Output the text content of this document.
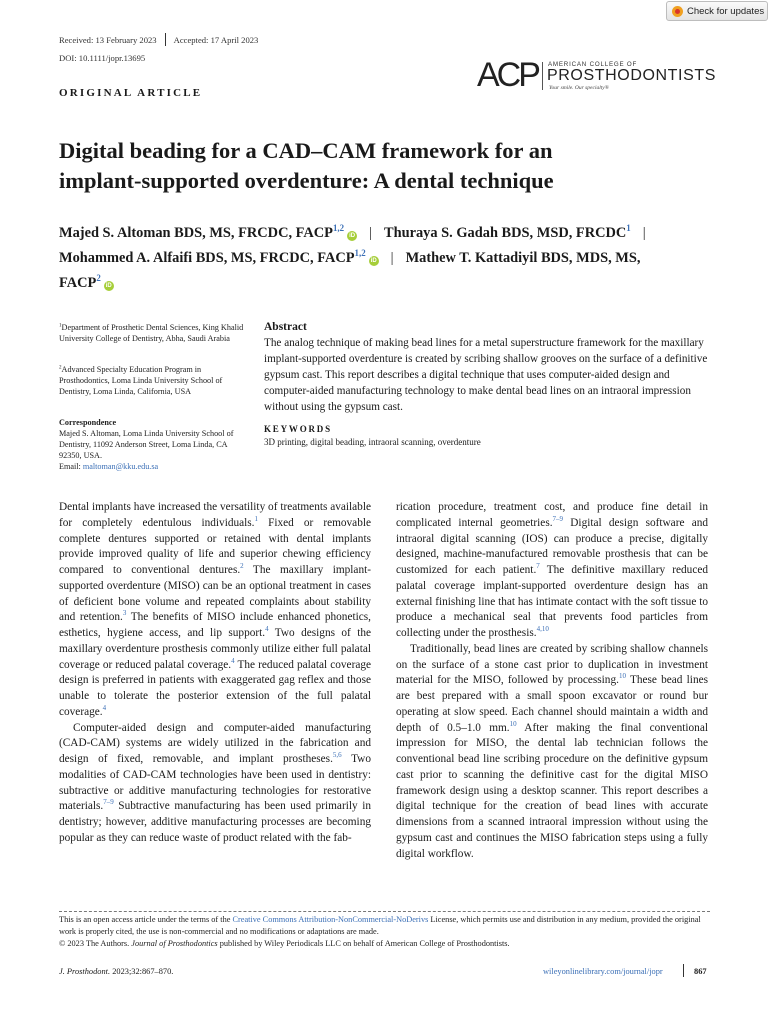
Check for updates
Received: 13 February 2023 Accepted: 17 April 2023
DOI: 10.1111/jopr.13695	ACP AMERICAN COLLEGE OF
PROSTHODONTISTS
Your smile. Our specialty®
ORIGINAL ARTICLE
Digital beading for a CAD–CAM framework for an
implant-supported overdenture: A dental technique
Majed S. Altoman BDS, MS, FRCDC, FACP$^{1,2}$iD | Thuraya S. Gadah BDS, MSD, FRCDC$^1$ |
Mohammed A. Alfaifi BDS, MS, FRCDC, FACP$^{1,2}$iD | Mathew T. Kattadiyil BDS, MDS, MS,
FACP$^2$iD
$^1$Department of Prosthetic Dental Sciences, King Khalid University College of Dentistry, Abha, Saudi Arabia
$^2$Advanced Specialty Education Program in Prosthodontics, Loma Linda University School of Dentistry, Loma Linda, California, USA
Correspondence
Majed S. Altoman, Loma Linda University School of Dentistry, 11092 Anderson Street, Loma Linda, CA 92350, USA.
Email: maltoman@kku.edu.sa
Abstract
The analog technique of making bead lines for a metal superstructure framework for the maxillary implant-supported overdenture is created by scribing shallow grooves on the surface of a definitive gypsum cast. This report describes a digital technique that uses computer-aided design and computer-aided manufacturing technology to make dental bead lines on an intraoral impression without using the gypsum cast.
KEYWORDS
3D printing, digital beading, intraoral scanning, overdenture

Dental implants have increased the versatility of treatments available for completely edentulous individuals.$^1$ Fixed or removable complete dentures supported or retained with dental implants provide improved quality of life and superior chewing efficiency compared to conventional dentures.$^2$ The maxillary implant-supported overdenture (MISO) can be an optional treatment in cases of deficient bone volume and repeated complaints about stability and retention.$^3$ The benefits of MISO include enhanced phonetics, esthetics, hygiene access, and lip support.$^4$ Two designs of the maxillary overdenture prosthesis commonly utilize either full palatal coverage or reduced palatal coverage.$^4$ The reduced palatal coverage design is preferred in patients with exaggerated gag reflex and those unable to tolerate the posterior extension of the full palatal coverage.$^4$

Computer-aided design and computer-aided manufacturing (CAD-CAM) systems are widely utilized in the fabrication and design of fixed, removable, and implant prostheses.$^{5,6}$ Two modalities of CAD-CAM technologies have been used in dentistry: subtractive or additive manufacturing technologies for restorative materials.$^{7-9}$ Subtractive manufacturing has been used primarily in dentistry; however, additive manufacturing processes are becoming popular as they can reduce waste of product related with the fab-

rication procedure, treatment cost, and produce fine detail in complicated internal geometries.$^{7-9}$ Digital design software and intraoral digital scanning (IOS) can produce a precise, digitally designed, machine-manufactured removable prosthesis that can be customized for each patient.$^7$ The definitive maxillary reduced palatal coverage implant-supported overdenture design has an external finishing line that has intimate contact with the soft tissue to produce a mechanical seal that prevents food particles from collecting under the prosthesis.$^{4,10}$

Traditionally, bead lines are created by scribing shallow channels on the surface of a stone cast prior to duplication in investment material for the MISO, followed by processing.$^{10}$ These bead lines are best prepared with a small spoon excavator or round bur operating at slow speed. Each channel should maintain a width and depth of 0.5–1.0 mm.$^{10}$ After making the final conventional impression for MISO, the dental lab technician follows the conventional bead line scribing procedure on the definitive gypsum cast prior to scanning the definitive cast for the digital MISO framework design using a desktop scanner. This report describes a digital technique for the creation of bead lines with accurate dimensions from a scanned intraoral impression without using the gypsum cast and continues the MISO fabrication steps using a fully digital workflow.

This is an open access article under the terms of the Creative Commons Attribution-NonCommercial-NoDerivs License, which permits use and distribution in any medium, provided the original work is properly cited, the use is non-commercial and no modifications or adaptations are made.
© 2023 The Authors. Journal of Prosthodontics published by Wiley Periodicals LLC on behalf of American College of Prosthodontists.
J. Prosthodont. 2023;32:867–870.	wileyonlinelibrary.com/journal/jopr	867
